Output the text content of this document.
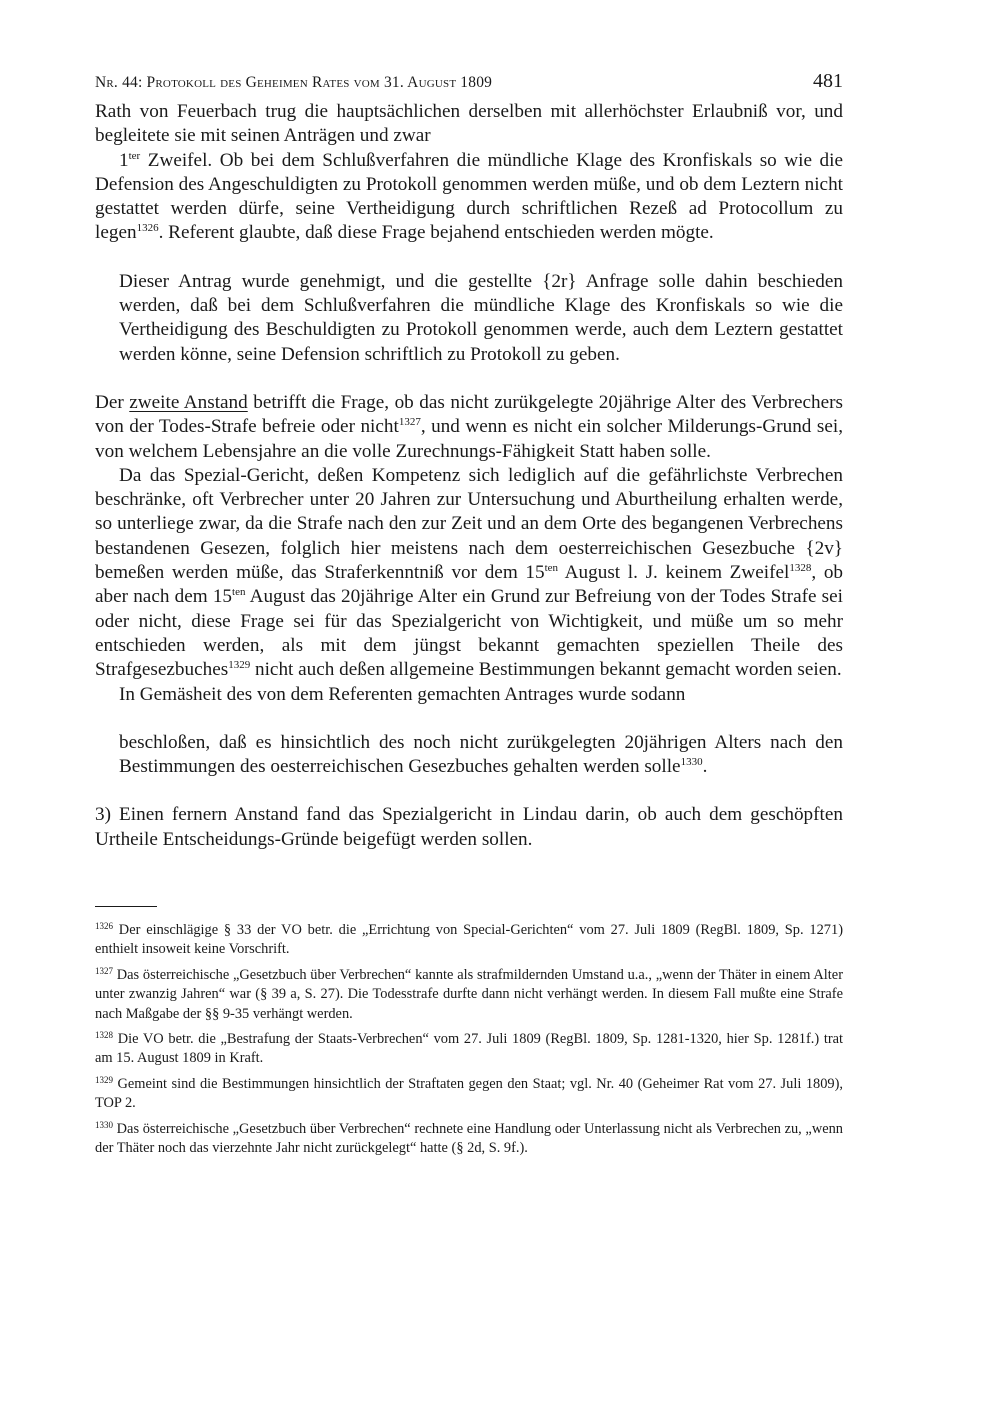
Nr. 44: Protokoll des Geheimen Rates vom 31. August 1809	481

Rath von Feuerbach trug die hauptsächlichen derselben mit allerhöchster Erlaubniß vor, und begleitete sie mit seinen Anträgen und zwar

$1^{ter}$ Zweifel. Ob bei dem Schlußverfahren die mündliche Klage des Kronfiskals so wie die Defension des Angeschuldigten zu Protokoll genommen werden müße, und ob dem Leztern nicht gestattet werden dürfe, seine Vertheidigung durch schriftlichen Rezeß ad Protocollum zu legen$^{1326}$. Referent glaubte, daß diese Frage bejahend entschieden werden mögte.

Dieser Antrag wurde genehmigt, und die gestellte {2r} Anfrage solle dahin beschieden werden, daß bei dem Schlußverfahren die mündliche Klage des Kronfiskals so wie die Vertheidigung des Beschuldigten zu Protokoll genommen werde, auch dem Leztern gestattet werden könne, seine Defension schriftlich zu Protokoll zu geben.

Der zweite Anstand betrifft die Frage, ob das nicht zurükgelegte 20jährige Alter des Verbrechers von der Todes-Strafe befreie oder nicht$^{1327}$, und wenn es nicht ein solcher Milderungs-Grund sei, von welchem Lebensjahre an die volle Zurechnungs-Fähigkeit Statt haben solle.

Da das Spezial-Gericht, deßen Kompetenz sich lediglich auf die gefährlichste Verbrechen beschränke, oft Verbrecher unter 20 Jahren zur Untersuchung und Aburtheilung erhalten werde, so unterliege zwar, da die Strafe nach den zur Zeit und an dem Orte des begangenen Verbrechens bestandenen Gesezen, folglich hier meistens nach dem oesterreichischen Gesezbuche {2v} bemeßen werden müße, das Straferkenntniß vor dem $15^{ten}$ August l. J. keinem Zweifel$^{1328}$, ob aber nach dem $15^{ten}$ August das 20jährige Alter ein Grund zur Befreiung von der Todes Strafe sei oder nicht, diese Frage sei für das Spezialgericht von Wichtigkeit, und müße um so mehr entschieden werden, als mit dem jüngst bekannt gemachten speziellen Theile des Strafgesezbuches$^{1329}$ nicht auch deßen allgemeine Bestimmungen bekannt gemacht worden seien.

In Gemäsheit des von dem Referenten gemachten Antrages wurde sodann

beschloßen, daß es hinsichtlich des noch nicht zurükgelegten 20jährigen Alters nach den Bestimmungen des oesterreichischen Gesezbuches gehalten werden solle$^{1330}$.

3) Einen fernern Anstand fand das Spezialgericht in Lindau darin, ob auch dem geschöpften Urtheile Entscheidungs-Gründe beigefügt werden sollen.

$^{1326}$ Der einschlägige § 33 der VO betr. die „Errichtung von Special-Gerichten“ vom 27. Juli 1809 (RegBl. 1809, Sp. 1271) enthielt insoweit keine Vorschrift.

$^{1327}$ Das österreichische „Gesetzbuch über Verbrechen“ kannte als strafmildernden Umstand u.a., „wenn der Thäter in einem Alter unter zwanzig Jahren“ war (§ 39 a, S. 27). Die Todesstrafe durfte dann nicht verhängt werden. In diesem Fall mußte eine Strafe nach Maßgabe der §§ 9-35 verhängt werden.

$^{1328}$ Die VO betr. die „Bestrafung der Staats-Verbrechen“ vom 27. Juli 1809 (RegBl. 1809, Sp. 1281-1320, hier Sp. 1281f.) trat am 15. August 1809 in Kraft.

$^{1329}$ Gemeint sind die Bestimmungen hinsichtlich der Straftaten gegen den Staat; vgl. Nr. 40 (Geheimer Rat vom 27. Juli 1809), TOP 2.

$^{1330}$ Das österreichische „Gesetzbuch über Verbrechen“ rechnete eine Handlung oder Unterlassung nicht als Verbrechen zu, „wenn der Thäter noch das vierzehnte Jahr nicht zurückgelegt“ hatte (§ 2d, S. 9f.).
